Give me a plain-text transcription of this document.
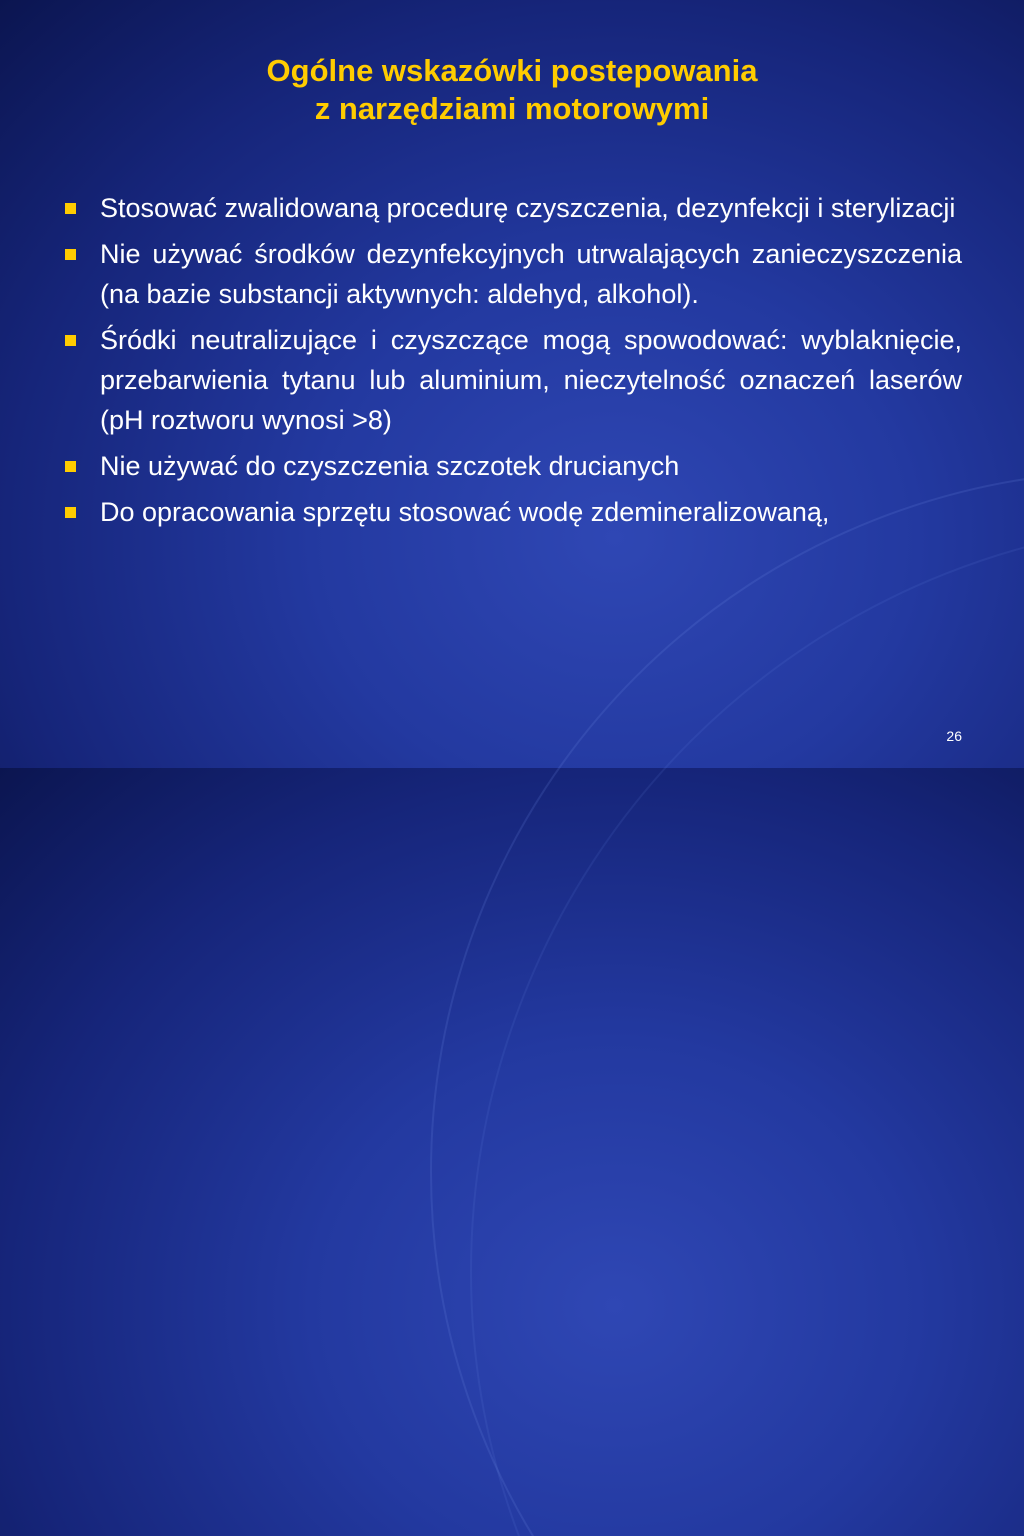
Ogólne wskazówki postepowania
z narzędziami motorowymi
Stosować zwalidowaną procedurę czyszczenia, dezynfekcji i sterylizacji
Nie używać środków dezynfekcyjnych utrwalających zanieczyszczenia (na bazie substancji aktywnych: aldehyd, alkohol).
Śródki neutralizujące i czyszczące mogą spowodować: wyblaknięcie, przebarwienia tytanu lub aluminium, nieczytelność oznaczeń laserów (pH roztworu wynosi >8)
Nie używać do czyszczenia szczotek drucianych
Do opracowania sprzętu stosować wodę zdemineralizowaną,
26
